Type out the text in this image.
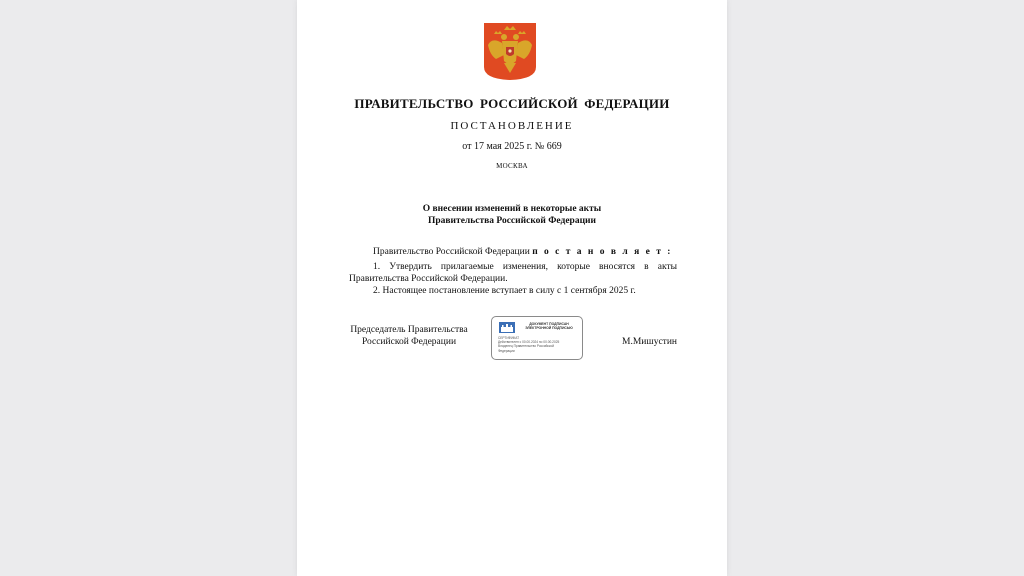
ПРАВИТЕЛЬСТВО РОССИЙСКОЙ ФЕДЕРАЦИИ
ПОСТАНОВЛЕНИЕ
от 17 мая 2025 г. № 669
МОСКВА
О внесении изменений в некоторые акты
Правительства Российской Федерации
Правительство Российской Федерации п о с т а н о в л я е т :
1. Утвердить прилагаемые изменения, которые вносятся в акты Правительства Российской Федерации.
2. Настоящее постановление вступает в силу с 1 сентября 2025 г.
Председатель Правительства
Российской Федерации
ДОКУМЕНТ ПОДПИСАН
ЭЛЕКТРОННОЙ ПОДПИСЬЮ
СЕРТИФИКАТ
Действителен с 00.00.2024 по 00.00.2025
Владелец Правительство Российской
Федерации
М.Мишустин
